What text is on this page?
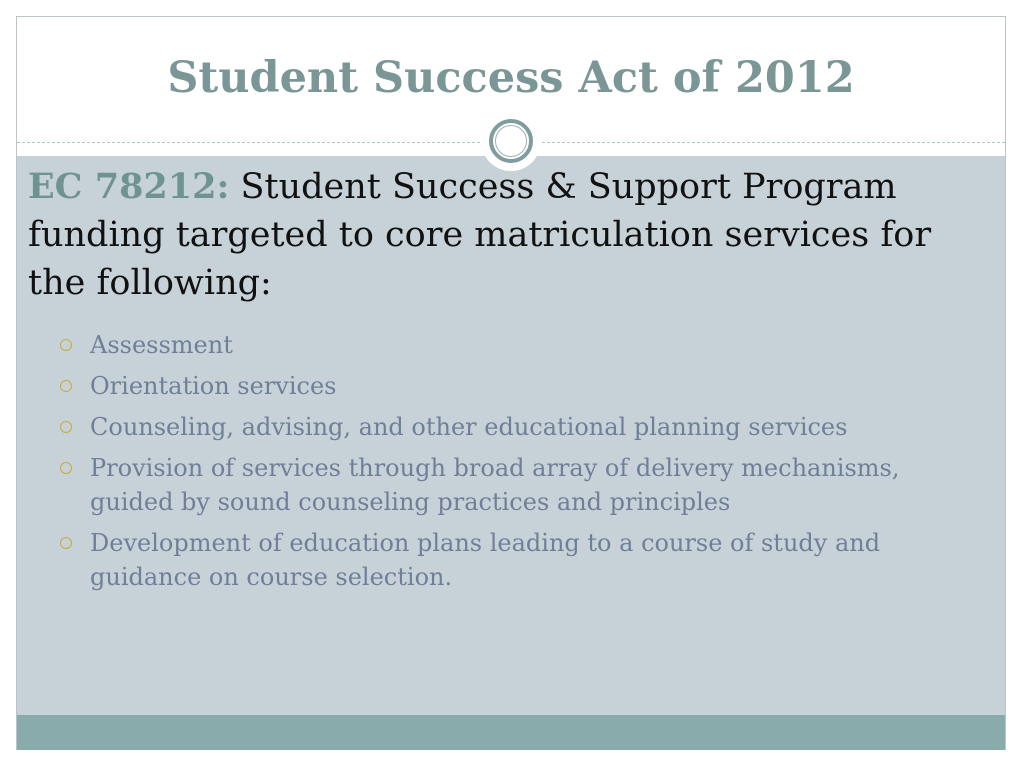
Student Success Act of 2012

EC 78212: Student Success & Support Program funding targeted to core matriculation services for the following:

Assessment
Orientation services
Counseling, advising, and other educational planning services
Provision of services through broad array of delivery mechanisms, guided by sound counseling practices and principles
Development of education plans leading to a course of study and guidance on course selection.
